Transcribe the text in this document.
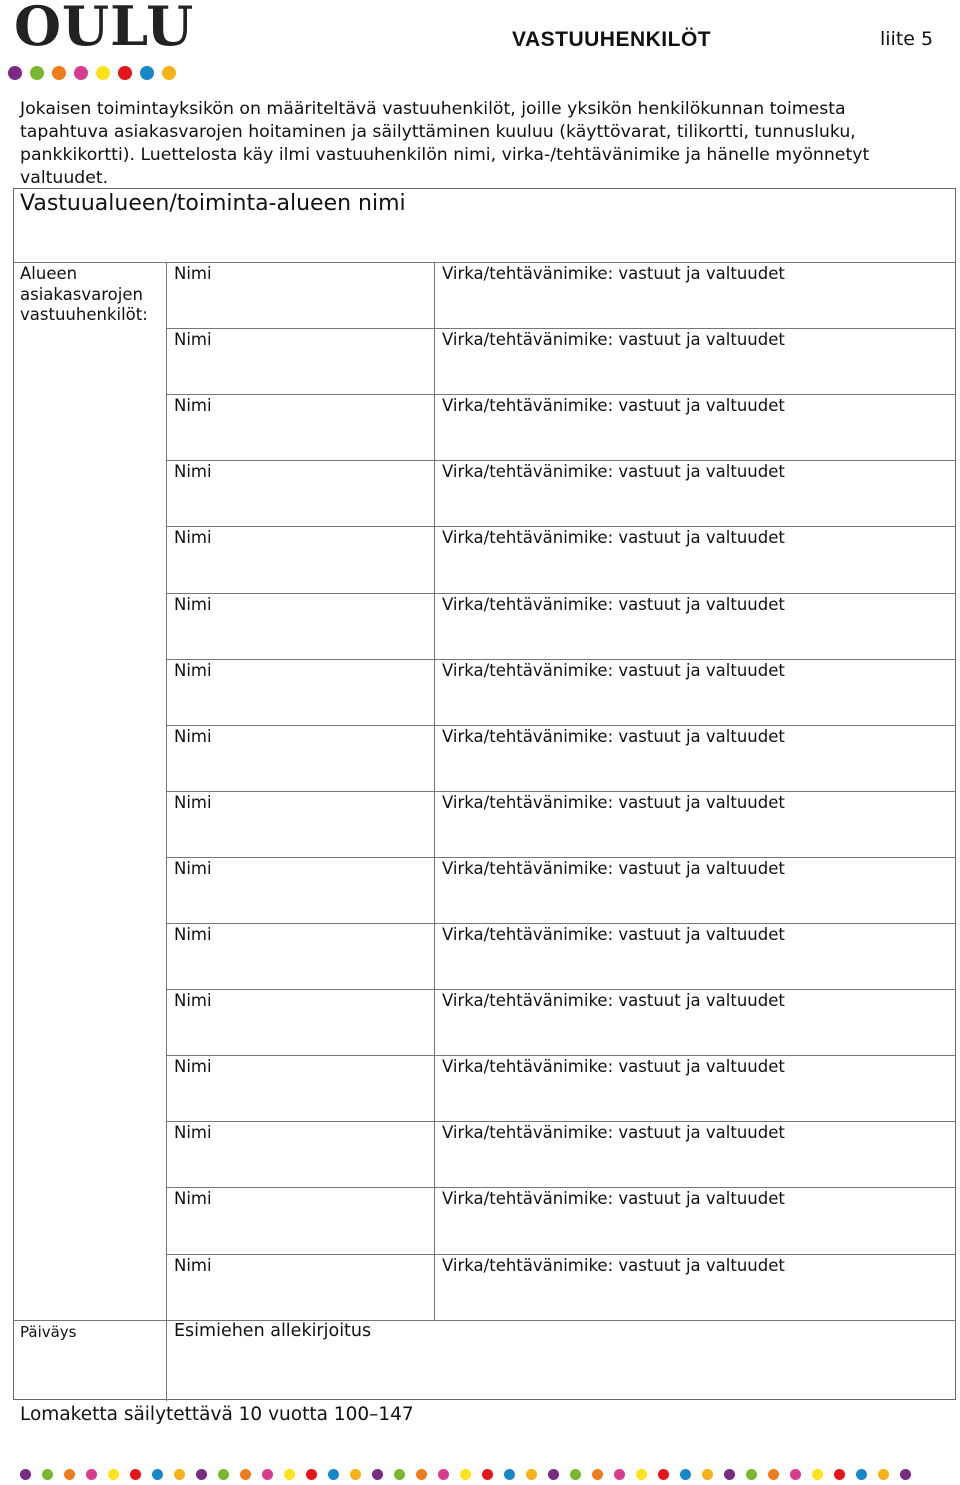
OULU	VASTUUHENKILÖT	liite 5
Jokaisen toimintayksikön on määriteltävä vastuuhenkilöt, joille yksikön henkilökunnan toimesta
tapahtuva asiakasvarojen hoitaminen ja säilyttäminen kuuluu (käyttövarat, tilikortti, tunnusluku,
pankkikortti). Luettelosta käy ilmi vastuuhenkilön nimi, virka-/tehtävänimike ja hänelle myönnetyt
valtuudet.
Vastuualueen/toiminta-alueen nimi
Alueen
asiakasvarojen
vastuuhenkilöt:
Nimi	Virka/tehtävänimike: vastuut ja valtuudet
Nimi	Virka/tehtävänimike: vastuut ja valtuudet
Nimi	Virka/tehtävänimike: vastuut ja valtuudet
Nimi	Virka/tehtävänimike: vastuut ja valtuudet
Nimi	Virka/tehtävänimike: vastuut ja valtuudet
Nimi	Virka/tehtävänimike: vastuut ja valtuudet
Nimi	Virka/tehtävänimike: vastuut ja valtuudet
Nimi	Virka/tehtävänimike: vastuut ja valtuudet
Nimi	Virka/tehtävänimike: vastuut ja valtuudet
Nimi	Virka/tehtävänimike: vastuut ja valtuudet
Nimi	Virka/tehtävänimike: vastuut ja valtuudet
Nimi	Virka/tehtävänimike: vastuut ja valtuudet
Nimi	Virka/tehtävänimike: vastuut ja valtuudet
Nimi	Virka/tehtävänimike: vastuut ja valtuudet
Nimi	Virka/tehtävänimike: vastuut ja valtuudet
Nimi	Virka/tehtävänimike: vastuut ja valtuudet
Päiväys	Esimiehen allekirjoitus
Lomaketta säilytettävä 10 vuotta 100–147
